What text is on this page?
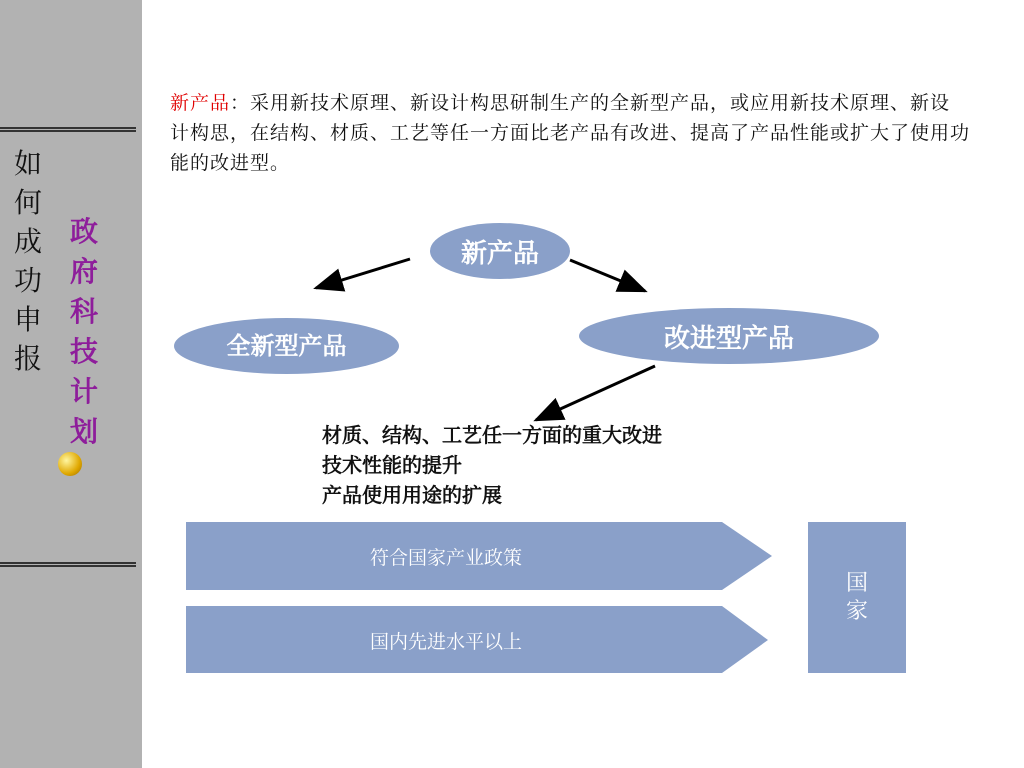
如
何
成
功
申
报
政
府
科
技
计
划
新产品：采用新技术原理、新设计构思研制生产的全新型产品，或应用新技术原理、新设计构思，在结构、材质、工艺等任一方面比老产品有改进、提高了产品性能或扩大了使用功能的改进型。
新产品
全新型产品	改进型产品
材质、结构、工艺任一方面的重大改进
技术性能的提升
产品使用用途的扩展
符合国家产业政策
国内先进水平以上
国家
